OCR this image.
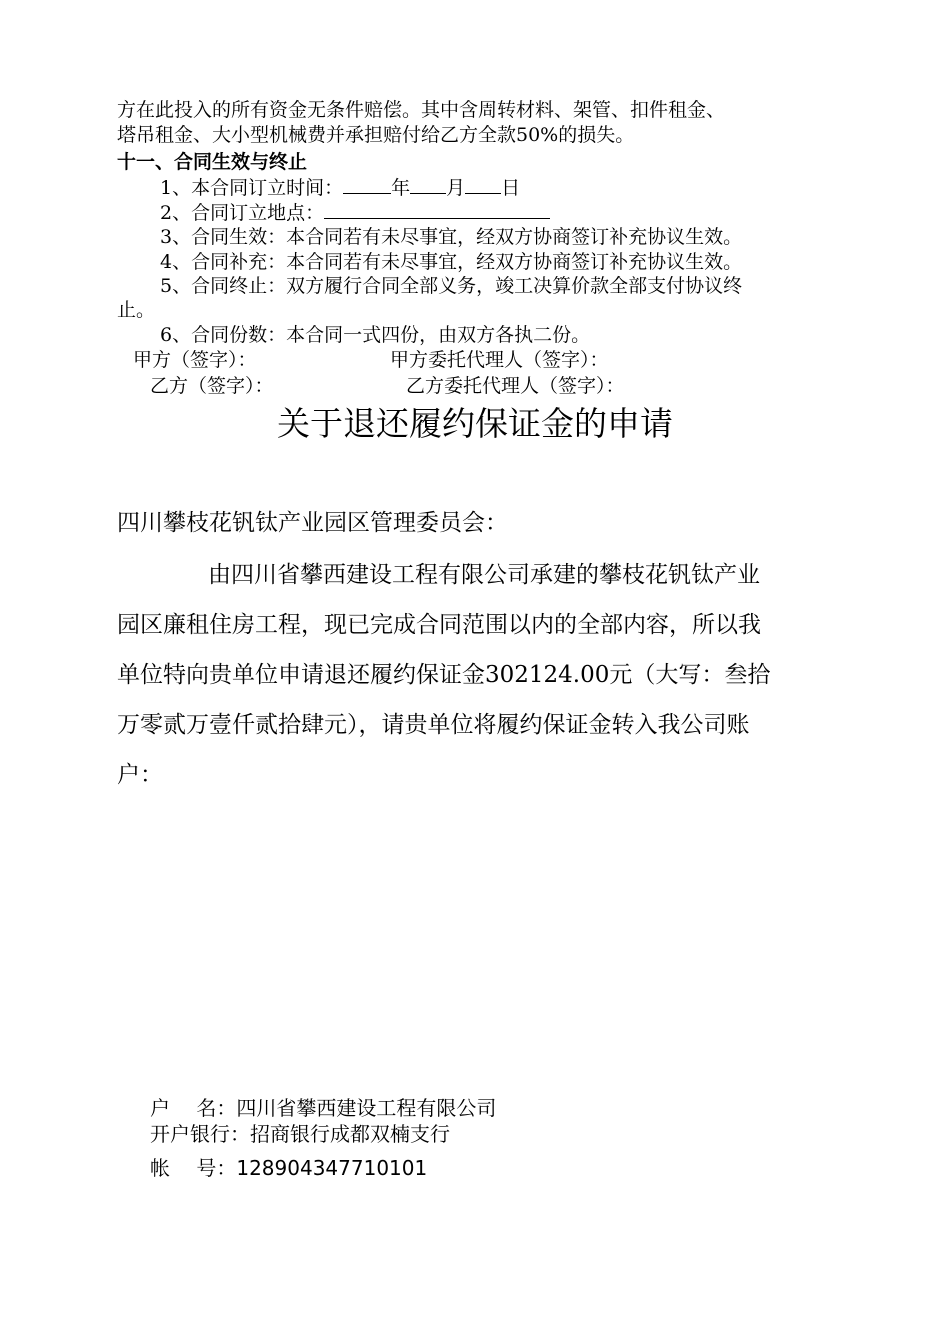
方在此投入的所有资金无条件赔偿。其中含周转材料、架管、扣件租金、
塔吊租金、大小型机械费并承担赔付给乙方全款50%的损失。
十一、合同生效与终止
1、本合同订立时间：	年 月 日
2、合同订立地点：
3、合同生效：本合同若有未尽事宜，经双方协商签订补充协议生效。
4、合同补充：本合同若有未尽事宜，经双方协商签订补充协议生效。
5、合同终止：双方履行合同全部义务，竣工决算价款全部支付协议终
止。
6、合同份数：本合同一式四份，由双方各执二份。
甲方（签字）：	甲方委托代理人（签字）：
乙方（签字）：	乙方委托代理人（签字）：
关于退还履约保证金的申请
四川攀枝花钒钛产业园区管理委员会：
由四川省攀西建设工程有限公司承建的攀枝花钒钛产业
园区廉租住房工程，现已完成合同范围以内的全部内容，所以我
单位特向贵单位申请退还履约保证金302124.00元（大写：叁拾
万零贰万壹仟贰拾肆元），请贵单位将履约保证金转入我公司账
户：
户　 名：四川省攀西建设工程有限公司
开户银行：招商银行成都双楠支行
帐　 号：128904347710101
